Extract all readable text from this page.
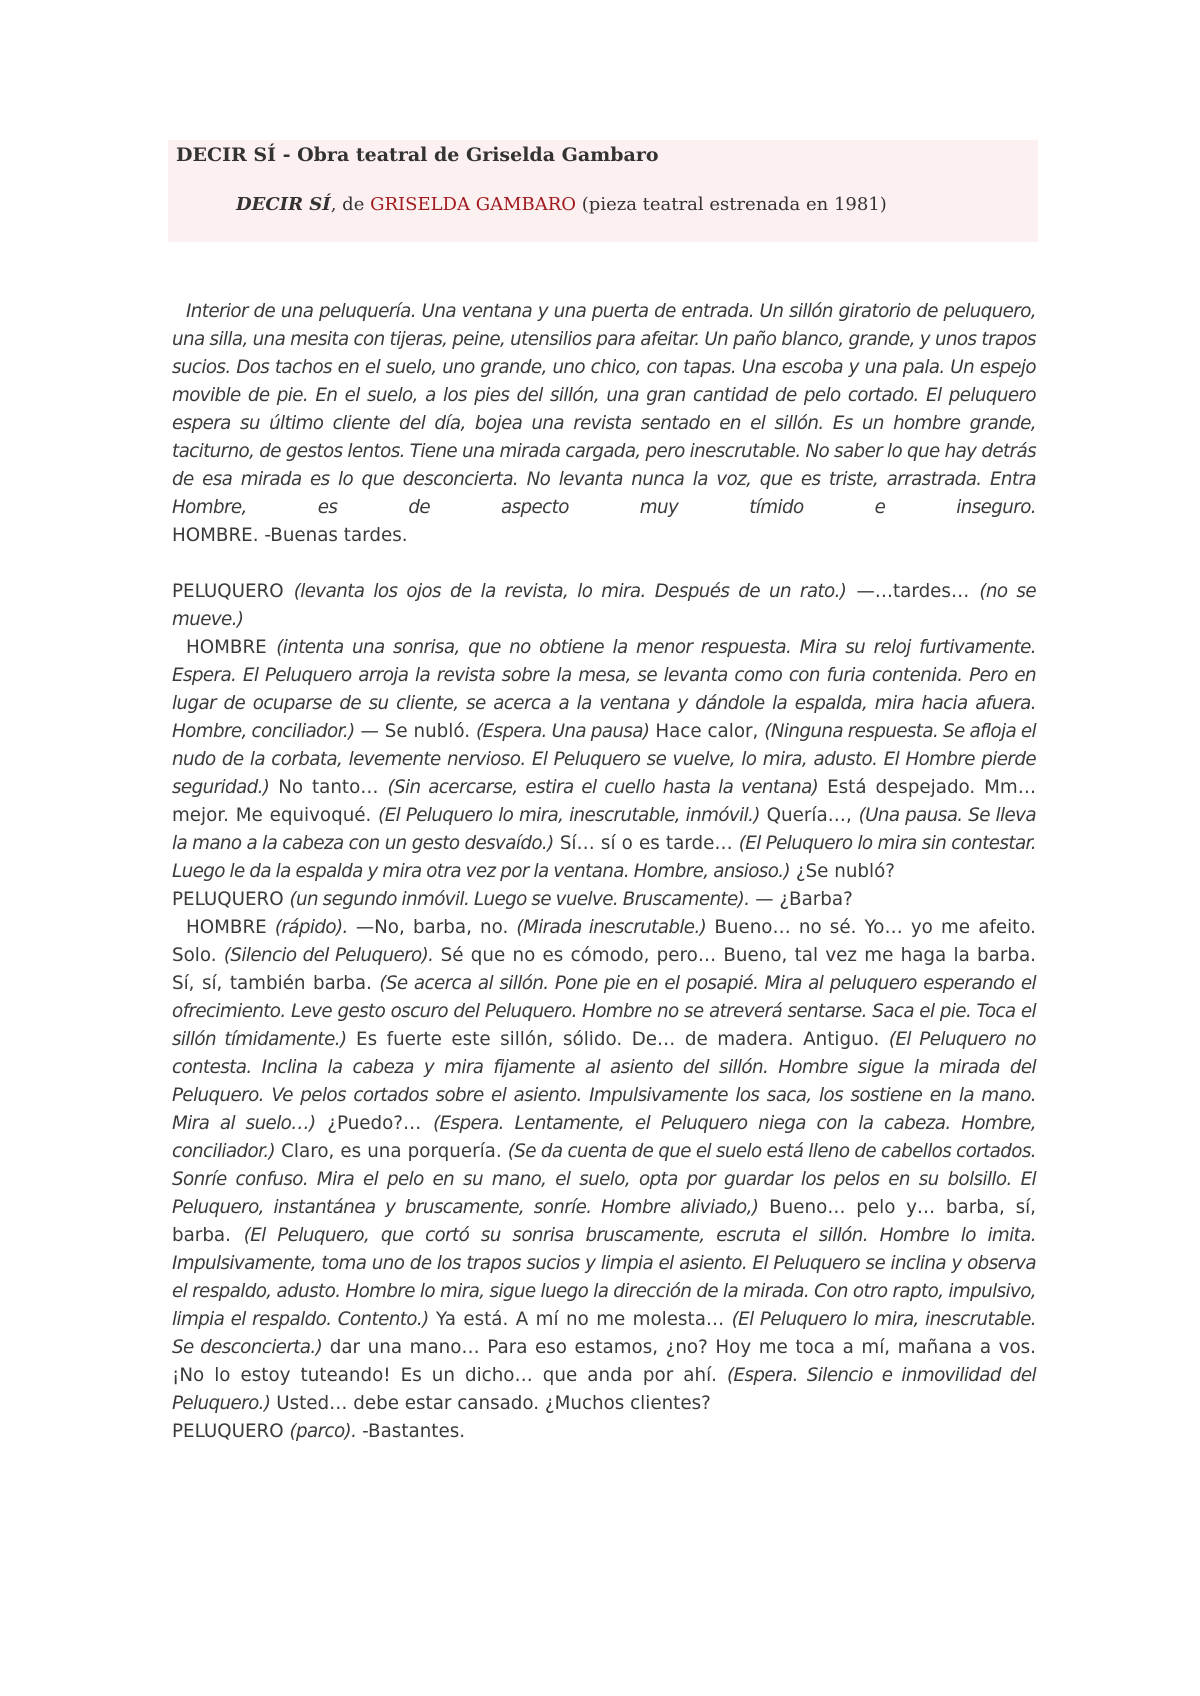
DECIR SÍ - Obra teatral de Griselda Gambaro
DECIR SÍ, de GRISELDA GAMBARO (pieza teatral estrenada en 1981)

Interior de una peluquería. Una ventana y una puerta de entrada. Un sillón giratorio de peluquero, una silla, una mesita con tijeras, peine, utensilios para afeitar. Un paño blanco, grande, y unos trapos sucios. Dos tachos en el suelo, uno grande, uno chico, con tapas. Una escoba y una pala. Un espejo movible de pie. En el suelo, a los pies del sillón, una gran cantidad de pelo cortado. El peluquero espera su último cliente del día, bojea una revista sentado en el sillón. Es un hombre grande, taciturno, de gestos lentos. Tiene una mirada cargada, pero inescrutable. No saber lo que hay detrás de esa mirada es lo que desconcierta. No levanta nunca la voz, que es triste, arrastrada. Entra Hombre, es de aspecto muy tímido e inseguro.

HOMBRE. -Buenas tardes.

PELUQUERO (levanta los ojos de la revista, lo mira. Después de un rato.) —…tardes… (no se mueve.)

HOMBRE (intenta una sonrisa, que no obtiene la menor respuesta. Mira su reloj furtivamente. Espera. El Peluquero arroja la revista sobre la mesa, se levanta como con furia contenida. Pero en lugar de ocuparse de su cliente, se acerca a la ventana y dándole la espalda, mira hacia afuera. Hombre, conciliador.) — Se nubló. (Espera. Una pausa) Hace calor, (Ninguna respuesta. Se afloja el nudo de la corbata, levemente nervioso. El Peluquero se vuelve, lo mira, adusto. El Hombre pierde seguridad.) No tanto… (Sin acercarse, estira el cuello hasta la ventana) Está despejado. Mm… mejor. Me equivoqué. (El Peluquero lo mira, inescrutable, inmóvil.) Quería…, (Una pausa. Se lleva la mano a la cabeza con un gesto desvaído.) Sí… sí o es tarde… (El Peluquero lo mira sin contestar. Luego le da la espalda y mira otra vez por la ventana. Hombre, ansioso.) ¿Se nubló?

PELUQUERO (un segundo inmóvil. Luego se vuelve. Bruscamente). — ¿Barba?

HOMBRE (rápido). —No, barba, no. (Mirada inescrutable.) Bueno… no sé. Yo… yo me afeito. Solo. (Silencio del Peluquero). Sé que no es cómodo, pero… Bueno, tal vez me haga la barba. Sí, sí, también barba. (Se acerca al sillón. Pone pie en el posapié. Mira al peluquero esperando el ofrecimiento. Leve gesto oscuro del Peluquero. Hombre no se atreverá sentarse. Saca el pie. Toca el sillón tímidamente.) Es fuerte este sillón, sólido. De… de madera. Antiguo. (El Peluquero no contesta. Inclina la cabeza y mira fijamente al asiento del sillón. Hombre sigue la mirada del Peluquero. Ve pelos cortados sobre el asiento. Impulsivamente los saca, los sostiene en la mano. Mira al suelo…) ¿Puedo?… (Espera. Lentamente, el Peluquero niega con la cabeza. Hombre, conciliador.) Claro, es una porquería. (Se da cuenta de que el suelo está lleno de cabellos cortados. Sonríe confuso. Mira el pelo en su mano, el suelo, opta por guardar los pelos en su bolsillo. El Peluquero, instantánea y bruscamente, sonríe. Hombre aliviado,) Bueno… pelo y… barba, sí, barba. (El Peluquero, que cortó su sonrisa bruscamente, escruta el sillón. Hombre lo imita. Impulsivamente, toma uno de los trapos sucios y limpia el asiento. El Peluquero se inclina y observa el respaldo, adusto. Hombre lo mira, sigue luego la dirección de la mirada. Con otro rapto, impulsivo, limpia el respaldo. Contento.) Ya está. A mí no me molesta… (El Peluquero lo mira, inescrutable. Se desconcierta.) dar una mano… Para eso estamos, ¿no? Hoy me toca a mí, mañana a vos. ¡No lo estoy tuteando! Es un dicho… que anda por ahí. (Espera. Silencio e inmovilidad del Peluquero.) Usted… debe estar cansado. ¿Muchos clientes?

PELUQUERO (parco). -Bastantes.
